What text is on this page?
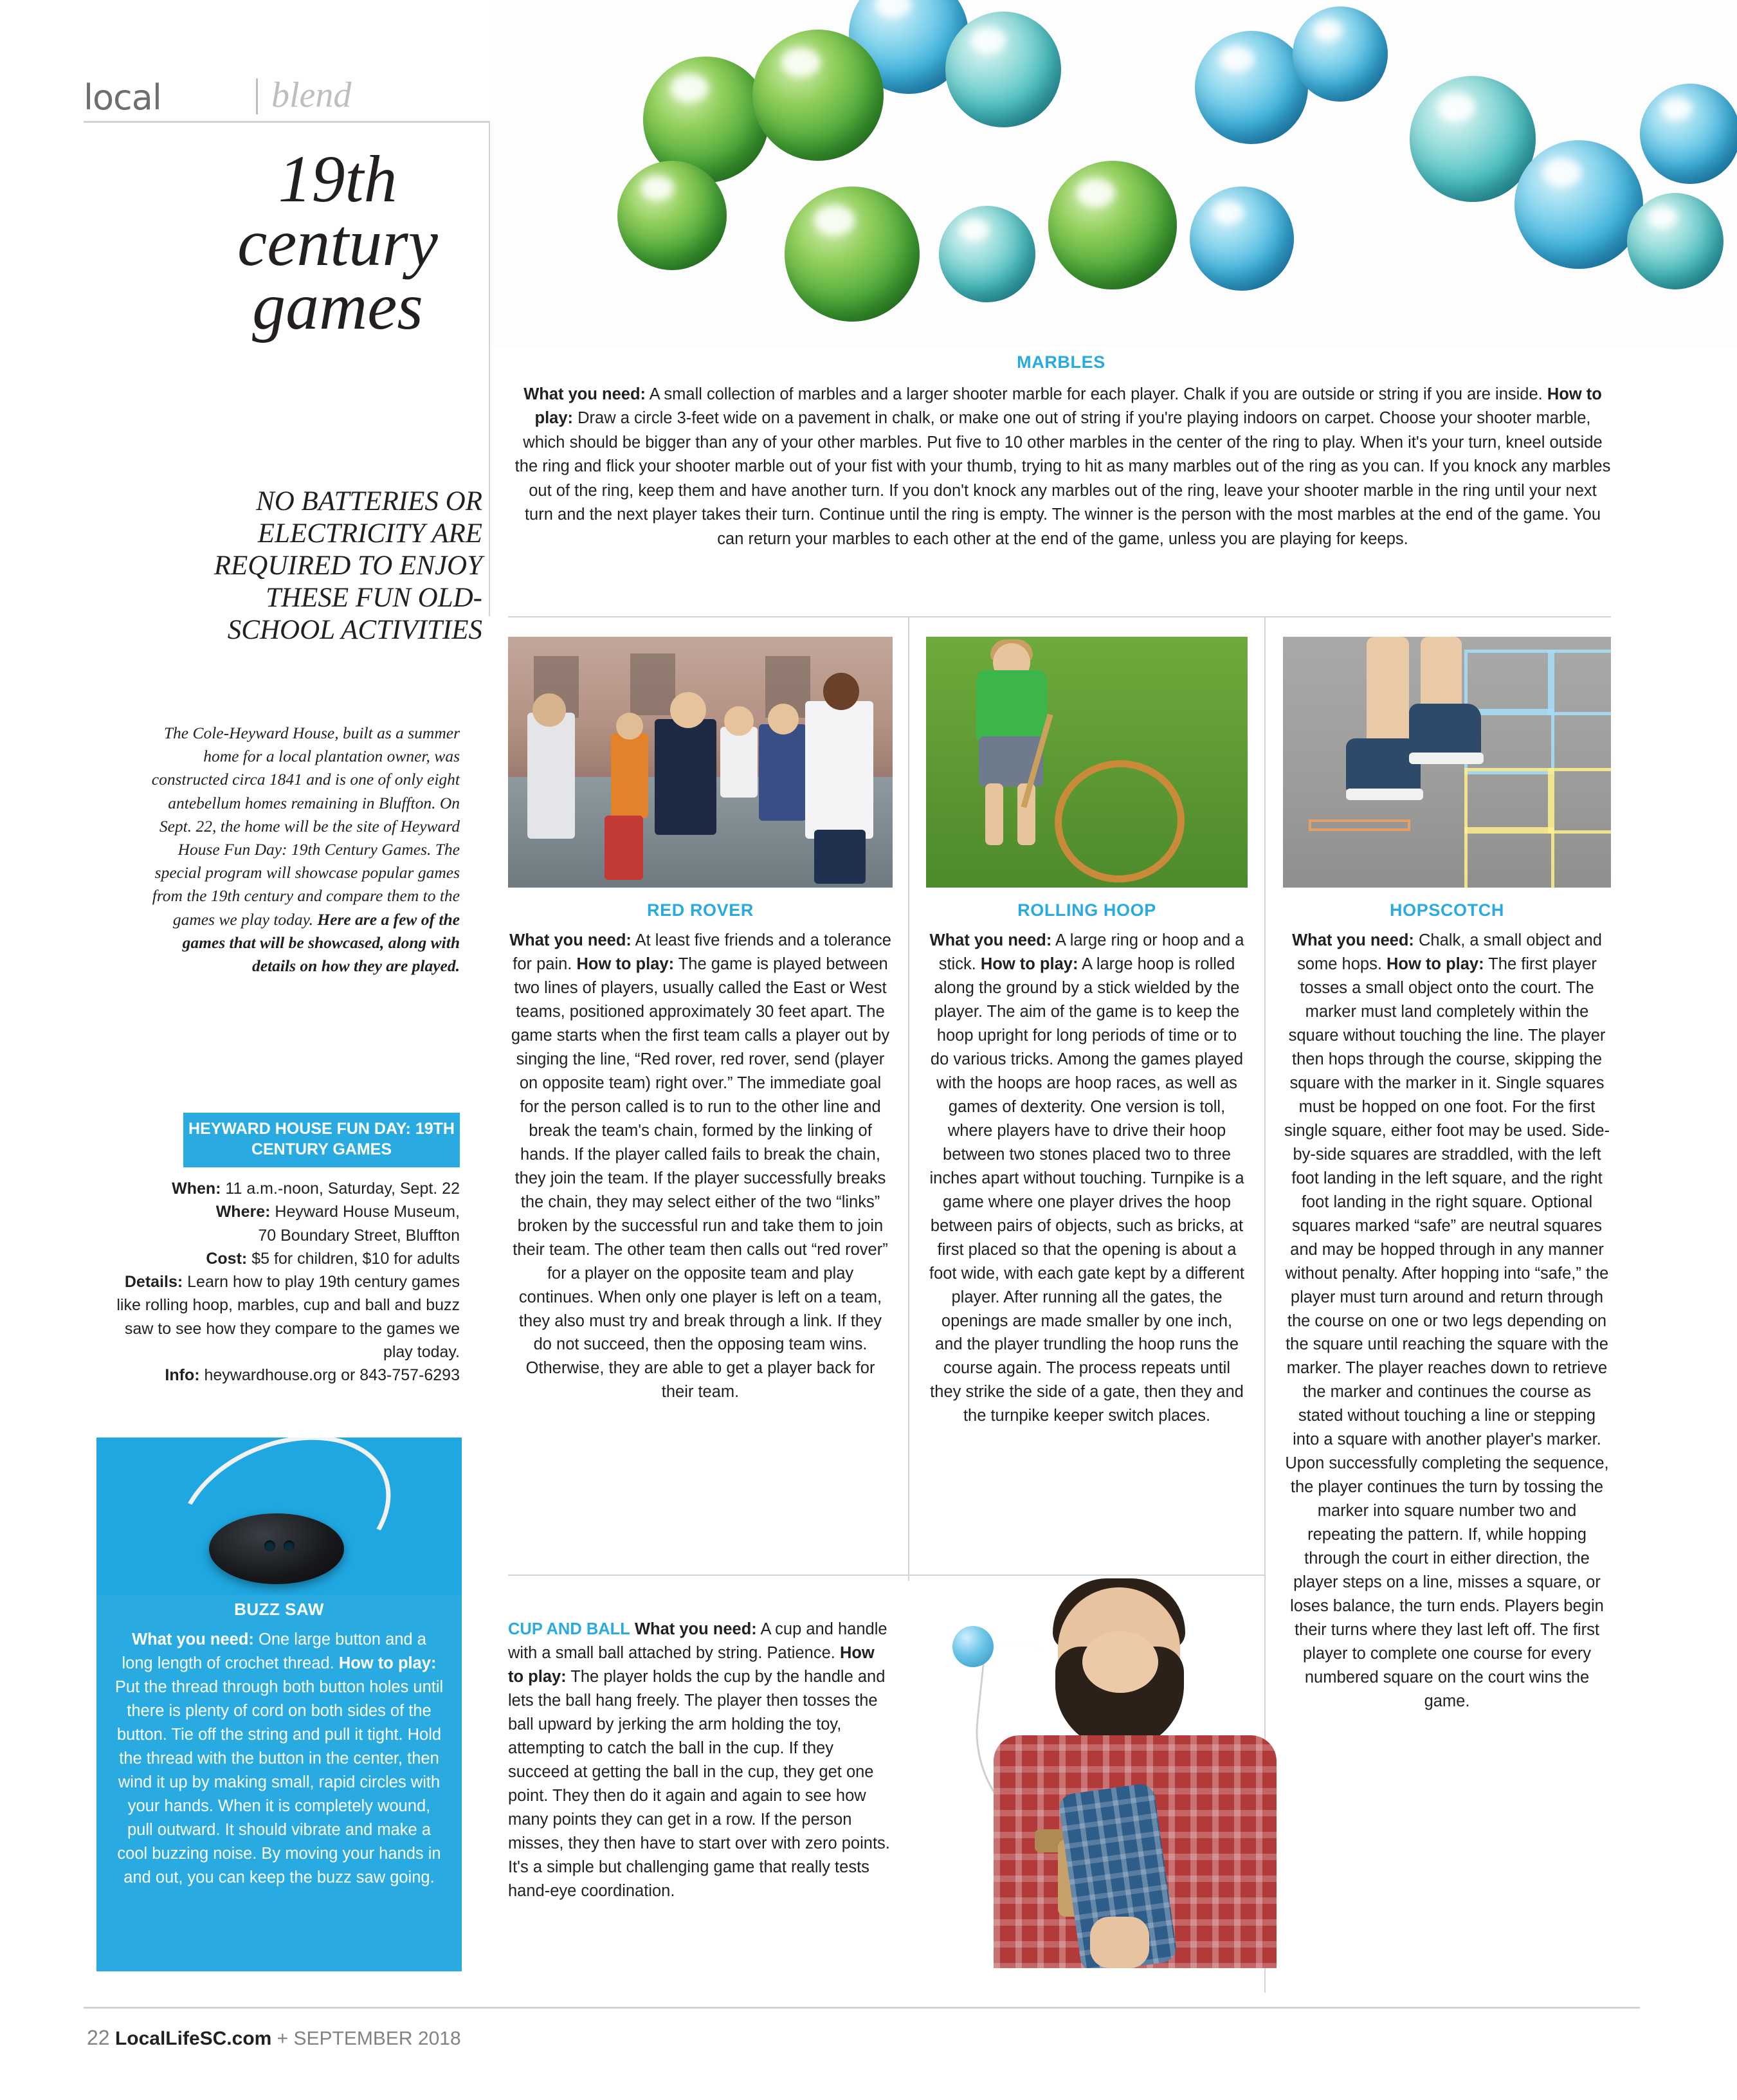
local	blend
19th
century
games
NO BATTERIES OR ELECTRICITY ARE REQUIRED TO ENJOY THESE FUN OLD-SCHOOL ACTIVITIES
The Cole-Heyward House, built as a summer home for a local plantation owner, was constructed circa 1841 and is one of only eight antebellum homes remaining in Bluffton. On Sept. 22, the home will be the site of Heyward House Fun Day: 19th Century Games. The special program will showcase popular games from the 19th century and compare them to the games we play today. Here are a few of the games that will be showcased, along with details on how they are played.
HEYWARD HOUSE FUN DAY: 19TH CENTURY GAMES
When: 11 a.m.-noon, Saturday, Sept. 22
Where: Heyward House Museum,
70 Boundary Street, Bluffton
Cost: $5 for children, $10 for adults
Details: Learn how to play 19th century games like rolling hoop, marbles, cup and ball and buzz saw to see how they compare to the games we play today.
Info: heywardhouse.org or 843-757-6293
BUZZ SAW
What you need: One large button and a long length of crochet thread. How to play: Put the thread through both button holes until there is plenty of cord on both sides of the button. Tie off the string and pull it tight. Hold the thread with the button in the center, then wind it up by making small, rapid circles with your hands. When it is completely wound, pull outward. It should vibrate and make a cool buzzing noise. By moving your hands in and out, you can keep the buzz saw going.
MARBLES
What you need: A small collection of marbles and a larger shooter marble for each player. Chalk if you are outside or string if you are inside. How to play: Draw a circle 3-feet wide on a pavement in chalk, or make one out of string if you're playing indoors on carpet. Choose your shooter marble, which should be bigger than any of your other marbles. Put five to 10 other marbles in the center of the ring to play. When it's your turn, kneel outside the ring and flick your shooter marble out of your fist with your thumb, trying to hit as many marbles out of the ring as you can. If you knock any marbles out of the ring, keep them and have another turn. If you don't knock any marbles out of the ring, leave your shooter marble in the ring until your next turn and the next player takes their turn. Continue until the ring is empty. The winner is the person with the most marbles at the end of the game. You can return your marbles to each other at the end of the game, unless you are playing for keeps.
RED ROVER
What you need: At least five friends and a tolerance for pain. How to play: The game is played between two lines of players, usually called the East or West teams, positioned approximately 30 feet apart. The game starts when the first team calls a player out by singing the line, “Red rover, red rover, send (player on opposite team) right over.” The immediate goal for the person called is to run to the other line and break the team's chain, formed by the linking of hands. If the player called fails to break the chain, they join the team. If the player successfully breaks the chain, they may select either of the two “links” broken by the successful run and take them to join their team. The other team then calls out “red rover” for a player on the opposite team and play continues. When only one player is left on a team, they also must try and break through a link. If they do not succeed, then the opposing team wins. Otherwise, they are able to get a player back for their team.
ROLLING HOOP
What you need: A large ring or hoop and a stick. How to play: A large hoop is rolled along the ground by a stick wielded by the player. The aim of the game is to keep the hoop upright for long periods of time or to do various tricks. Among the games played with the hoops are hoop races, as well as games of dexterity. One version is toll, where players have to drive their hoop between two stones placed two to three inches apart without touching. Turnpike is a game where one player drives the hoop between pairs of objects, such as bricks, at first placed so that the opening is about a foot wide, with each gate kept by a different player. After running all the gates, the openings are made smaller by one inch, and the player trundling the hoop runs the course again. The process repeats until they strike the side of a gate, then they and the turnpike keeper switch places.
HOPSCOTCH
What you need: Chalk, a small object and some hops. How to play: The first player tosses a small object onto the court. The marker must land completely within the square without touching the line. The player then hops through the course, skipping the square with the marker in it. Single squares must be hopped on one foot. For the first single square, either foot may be used. Side-by-side squares are straddled, with the left foot landing in the left square, and the right foot landing in the right square. Optional squares marked “safe” are neutral squares and may be hopped through in any manner without penalty. After hopping into “safe,” the player must turn around and return through the course on one or two legs depending on the square until reaching the square with the marker. The player reaches down to retrieve the marker and continues the course as stated without touching a line or stepping into a square with another player's marker. Upon successfully completing the sequence, the player continues the turn by tossing the marker into square number two and repeating the pattern. If, while hopping through the court in either direction, the player steps on a line, misses a square, or loses balance, the turn ends. Players begin their turns where they last left off. The first player to complete one course for every numbered square on the court wins the game.
CUP AND BALL What you need: A cup and handle with a small ball attached by string. Patience. How to play: The player holds the cup by the handle and lets the ball hang freely. The player then tosses the ball upward by jerking the arm holding the toy, attempting to catch the ball in the cup. If they succeed at getting the ball in the cup, they get one point. They then do it again and again to see how many points they can get in a row. If the person misses, they then have to start over with zero points. It's a simple but challenging game that really tests hand-eye coordination.
22 LocalLifeSC.com + SEPTEMBER 2018
